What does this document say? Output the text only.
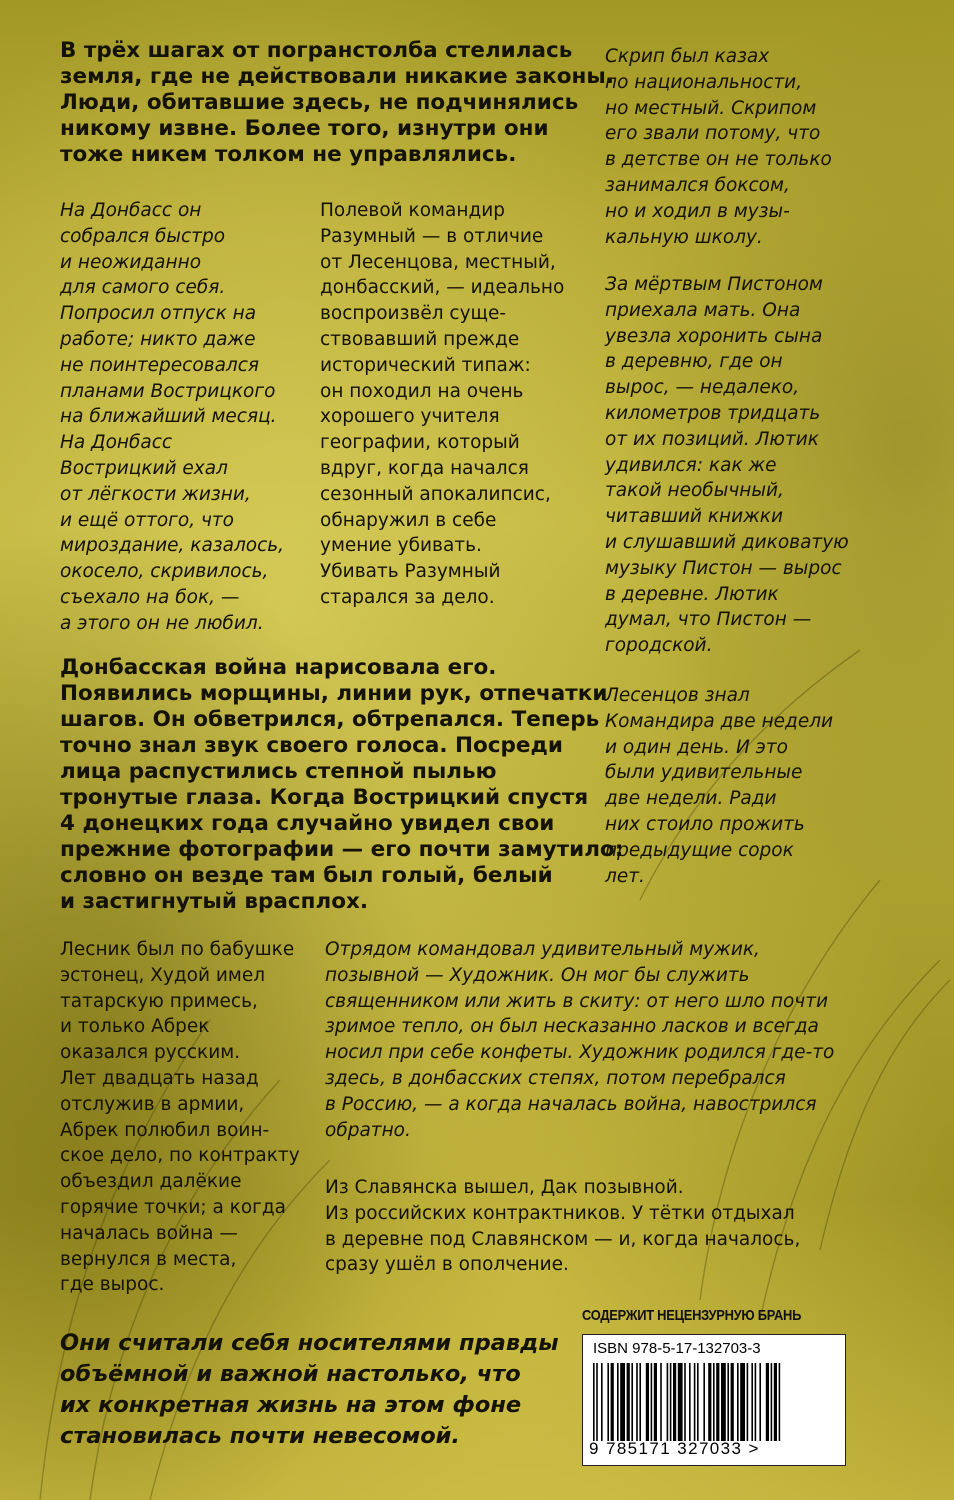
В трёх шагах от погранстолба стелилась
земля, где не действовали никакие законы.
Люди, обитавшие здесь, не подчинялись
никому извне. Более того, изнутри они
тоже никем толком не управлялись.
Скрип был казах
по национальности,
но местный. Скрипом
его звали потому, что
в детстве он не только
занимался боксом,
но и ходил в музы-
кальную школу.
За мёртвым Пистоном
приехала мать. Она
увезла хоронить сына
в деревню, где он
вырос, — недалеко,
километров тридцать
от их позиций. Лютик
удивился: как же
такой необычный,
читавший книжки
и слушавший диковатую
музыку Пистон — вырос
в деревне. Лютик
думал, что Пистон —
городской.
Лесенцов знал
Командира две недели
и один день. И это
были удивительные
две недели. Ради
них стоило прожить
предыдущие сорок
лет.
На Донбасс он
собрался быстро
и неожиданно
для самого себя.
Попросил отпуск на
работе; никто даже
не поинтересовался
планами Вострицкого
на ближайший месяц.
На Донбасс
Вострицкий ехал
от лёгкости жизни,
и ещё оттого, что
мироздание, казалось,
окосело, скривилось,
съехало на бок, —
а этого он не любил.
Полевой командир
Разумный — в отличие
от Лесенцова, местный,
донбасский, — идеально
воспроизвёл суще-
ствовавший прежде
исторический типаж:
он походил на очень
хорошего учителя
географии, который
вдруг, когда начался
сезонный апокалипсис,
обнаружил в себе
умение убивать.
Убивать Разумный
старался за дело.
Донбасская война нарисовала его.
Появились морщины, линии рук, отпечатки
шагов. Он обветрился, обтрепался. Теперь
точно знал звук своего голоса. Посреди
лица распустились степной пылью
тронутые глаза. Когда Вострицкий спустя
4 донецких года случайно увидел свои
прежние фотографии — его почти замутило:
словно он везде там был голый, белый
и застигнутый врасплох.
Лесник был по бабушке
эстонец, Худой имел
татарскую примесь,
и только Абрек
оказался русским.
Лет двадцать назад
отслужив в армии,
Абрек полюбил воин-
ское дело, по контракту
объездил далёкие
горячие точки; а когда
началась война —
вернулся в места,
где вырос.
Отрядом командовал удивительный мужик,
позывной — Художник. Он мог бы служить
священником или жить в скиту: от него шло почти
зримое тепло, он был несказанно ласков и всегда
носил при себе конфеты. Художник родился где-то
здесь, в донбасских степях, потом перебрался
в Россию, — а когда началась война, навострился
обратно.
Из Славянска вышел, Дак позывной.
Из российских контрактников. У тётки отдыхал
в деревне под Славянском — и, когда началось,
сразу ушёл в ополчение.
Они считали себя носителями правды
объёмной и важной настолько, что
их конкретная жизнь на этом фоне
становилась почти невесомой.
СОДЕРЖИТ НЕЦЕНЗУРНУЮ БРАНЬ
ISBN 978-5-17-132703-3
9 785171 327033 >
